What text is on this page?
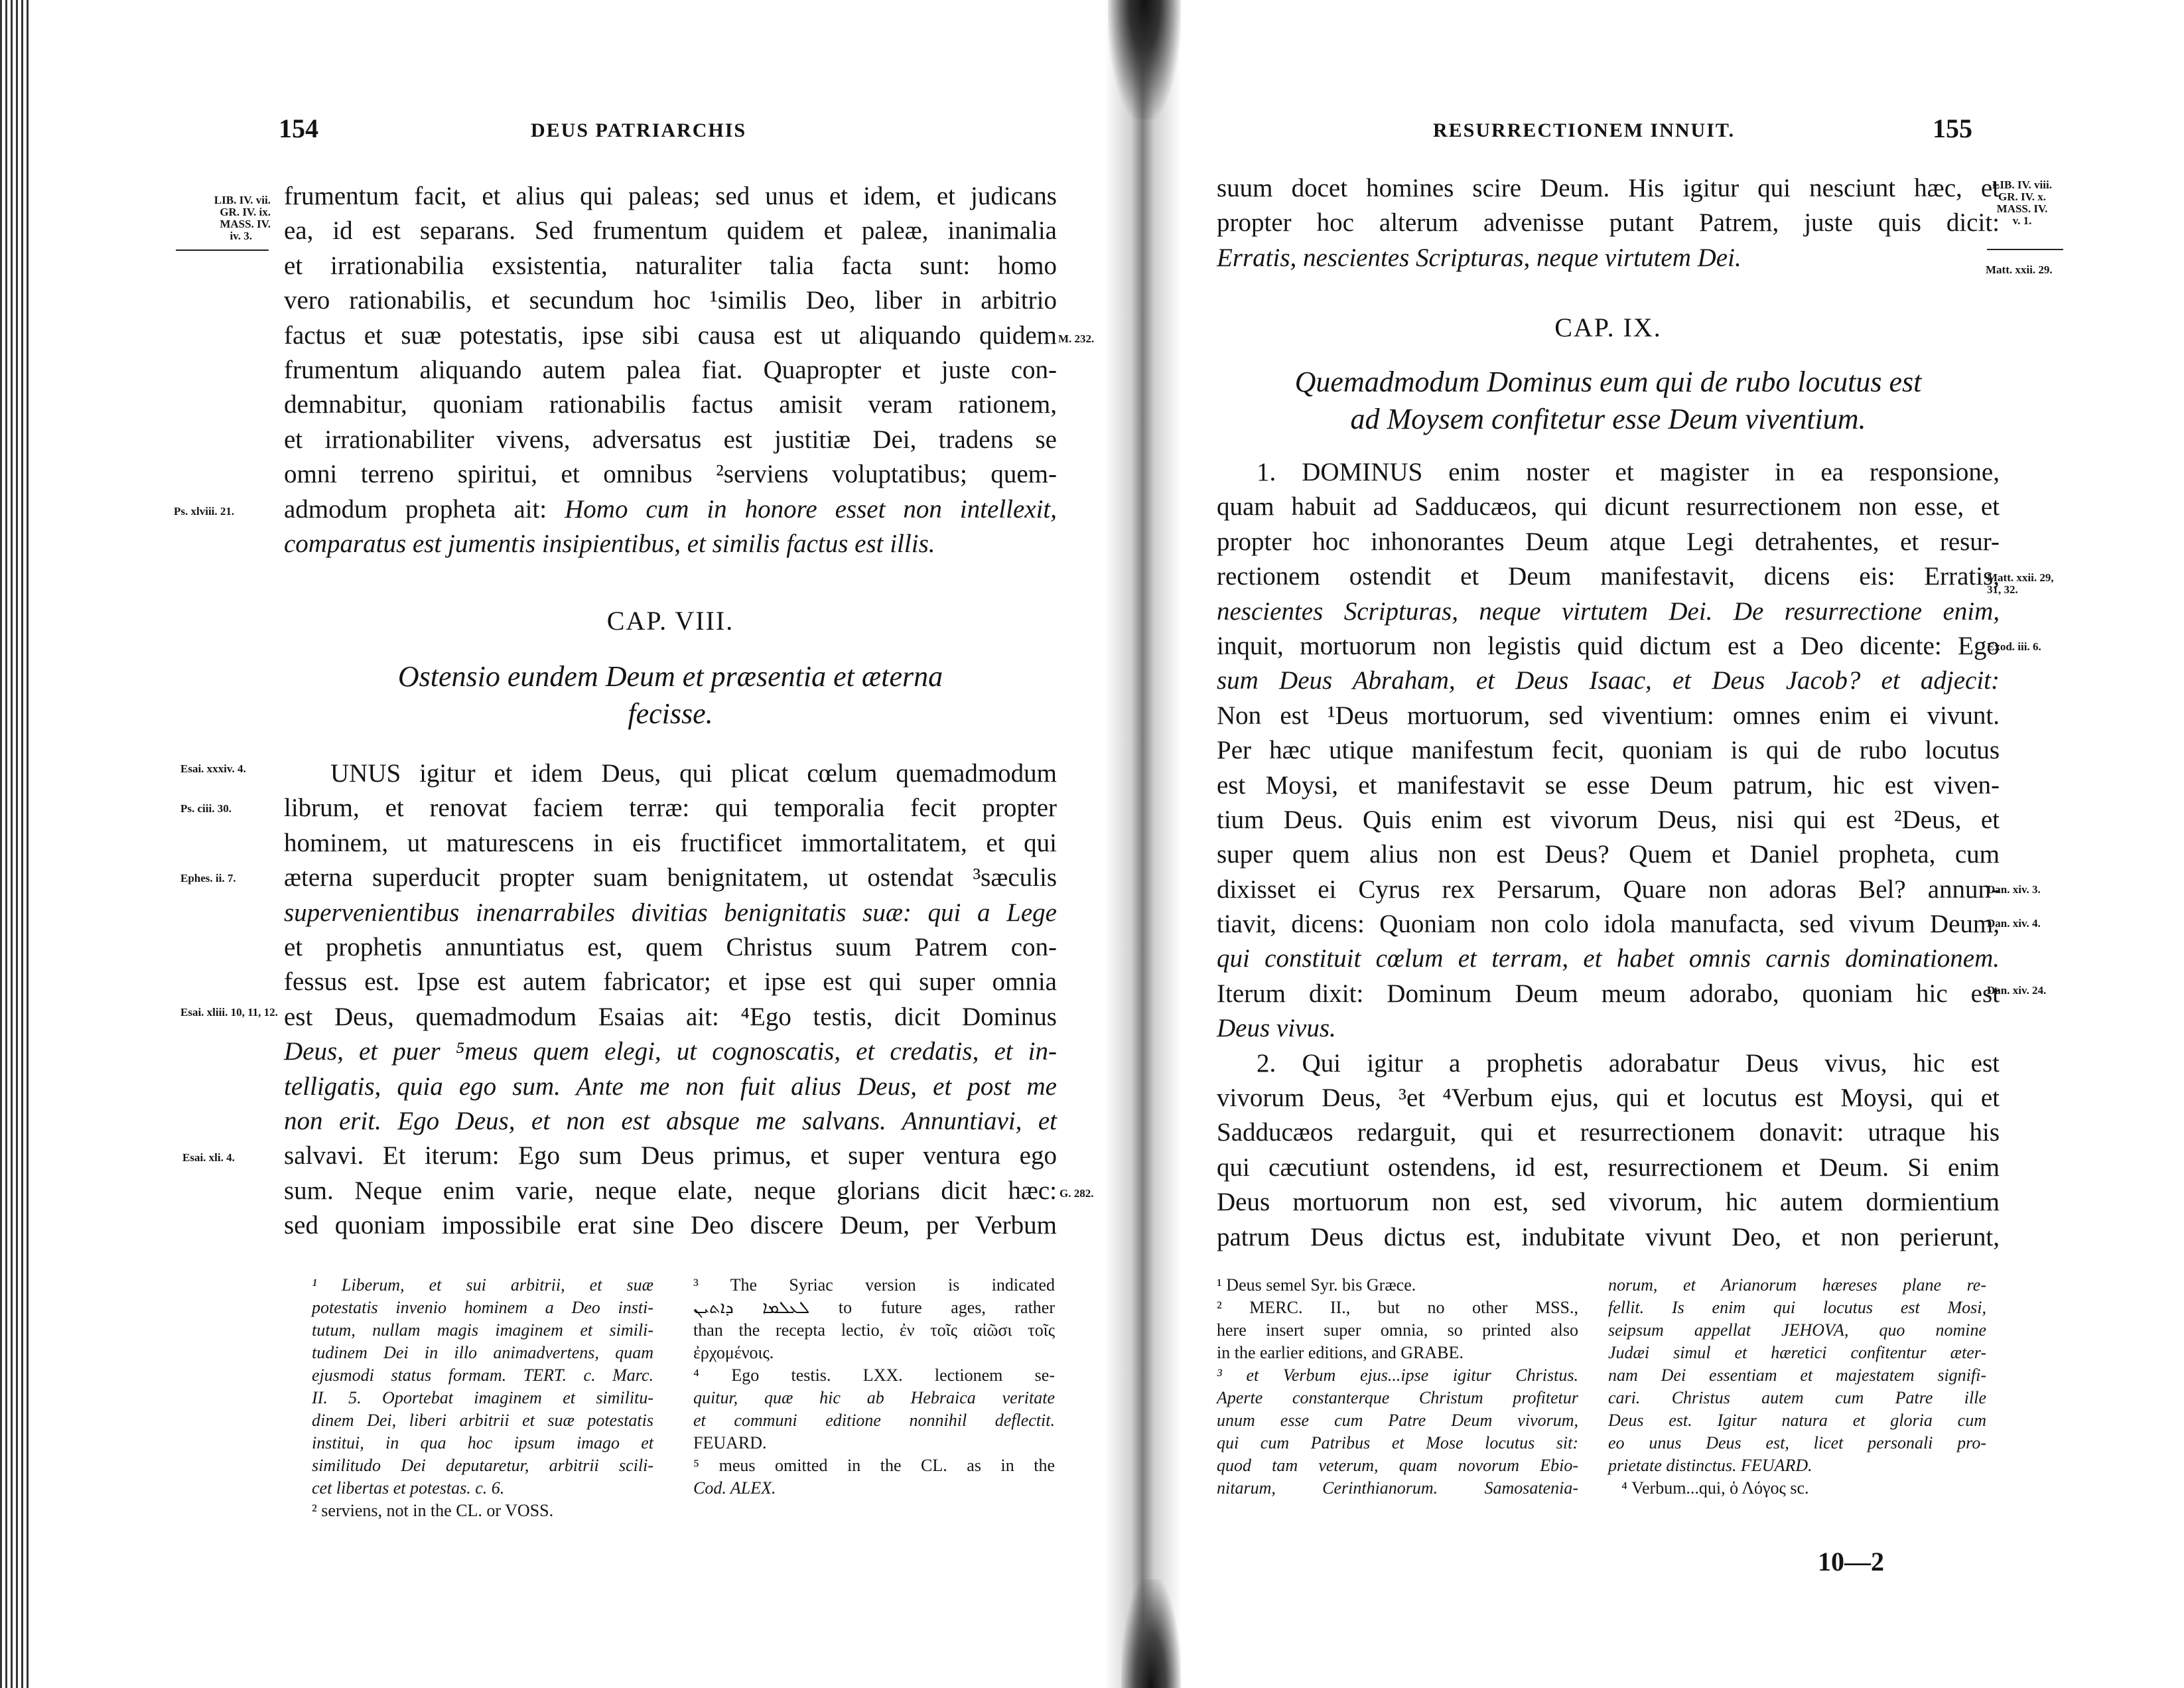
154	DEUS PATRIARCHIS
LIB. IV. vii.
GR. IV. ix.
MASS. IV.
iv. 3.
M. 232.
Ps. xlviii. 21.
Esai. xxxiv. 4.
Ps. ciii. 30.
Ephes. ii. 7.
Esai. xliii. 10, 11, 12.
Esai. xli. 4.
G. 282.
frumentum facit, et alius qui paleas; sed unus et idem, et judicans
ea, id est separans. Sed frumentum quidem et paleæ, inanimalia
et irrationabilia exsistentia, naturaliter talia facta sunt: homo
vero rationabilis, et secundum hoc ¹similis Deo, liber in arbitrio
factus et suæ potestatis, ipse sibi causa est ut aliquando quidem
frumentum aliquando autem palea fiat. Quapropter et juste con-
demnabitur, quoniam rationabilis factus amisit veram rationem,
et irrationabiliter vivens, adversatus est justitiæ Dei, tradens se
omni terreno spiritui, et omnibus ²serviens voluptatibus; quem-
admodum propheta ait: Homo cum in honore esset non intellexit,
comparatus est jumentis insipientibus, et similis factus est illis.
CAP. VIII.
Ostensio eundem Deum et præsentia et æterna
fecisse.
UNUS igitur et idem Deus, qui plicat cœlum quemadmodum
librum, et renovat faciem terræ: qui temporalia fecit propter
hominem, ut maturescens in eis fructificet immortalitatem, et qui
æterna superducit propter suam benignitatem, ut ostendat ³sæculis
supervenientibus inenarrabiles divitias benignitatis suæ: qui a Lege
et prophetis annuntiatus est, quem Christus suum Patrem con-
fessus est. Ipse est autem fabricator; et ipse est qui super omnia
est Deus, quemadmodum Esaias ait: ⁴Ego testis, dicit Dominus
Deus, et puer ⁵meus quem elegi, ut cognoscatis, et credatis, et in-
telligatis, quia ego sum. Ante me non fuit alius Deus, et post me
non erit. Ego Deus, et non est absque me salvans. Annuntiavi, et
salvavi. Et iterum: Ego sum Deus primus, et super ventura ego
sum. Neque enim varie, neque elate, neque glorians dicit hæc:
sed quoniam impossibile erat sine Deo discere Deum, per Verbum
¹ Liberum, et sui arbitrii, et suæ
potestatis invenio hominem a Deo insti-
tutum, nullam magis imaginem et simili-
tudinem Dei in illo animadvertens, quam
ejusmodi status formam. TERT. c. Marc.
II. 5. Oportebat imaginem et similitu-
dinem Dei, liberi arbitrii et suæ potestatis
institui, in qua hoc ipsum imago et
similitudo Dei deputaretur, arbitrii scili-
cet libertas et potestas. c. 6.
² serviens, not in the CL. or VOSS.
³ The Syriac version is indicated
ܠܥܠܡܐ ܕܐܬܝܢ to future ages, rather
than the recepta lectio, ἐν τοῖς αἰῶσι τοῖς
ἐρχομένοις.
⁴ Ego testis. LXX. lectionem se-
quitur, quæ hic ab Hebraica veritate
et communi editione nonnihil deflectit.
FEUARD.
⁵ meus omitted in the CL. as in the
Cod. ALEX.
RESURRECTIONEM INNUIT.	155
LIB. IV. viii.
GR. IV. x.
MASS. IV.
v. 1.
Matt. xxii. 29.
Matt. xxii. 29, 31, 32.
Exod. iii. 6.
Dan. xiv. 3.
Dan. xiv. 4.
Dan. xiv. 24.
suum docet homines scire Deum. His igitur qui nesciunt hæc, et
propter hoc alterum advenisse putant Patrem, juste quis dicit:
Erratis, nescientes Scripturas, neque virtutem Dei.
CAP. IX.
Quemadmodum Dominus eum qui de rubo locutus est
ad Moysem confitetur esse Deum viventium.
1. DOMINUS enim noster et magister in ea responsione,
quam habuit ad Sadducæos, qui dicunt resurrectionem non esse, et
propter hoc inhonorantes Deum atque Legi detrahentes, et resur-
rectionem ostendit et Deum manifestavit, dicens eis: Erratis,
nescientes Scripturas, neque virtutem Dei. De resurrectione enim,
inquit, mortuorum non legistis quid dictum est a Deo dicente: Ego
sum Deus Abraham, et Deus Isaac, et Deus Jacob? et adjecit:
Non est ¹Deus mortuorum, sed viventium: omnes enim ei vivunt.
Per hæc utique manifestum fecit, quoniam is qui de rubo locutus
est Moysi, et manifestavit se esse Deum patrum, hic est viven-
tium Deus. Quis enim est vivorum Deus, nisi qui est ²Deus, et
super quem alius non est Deus? Quem et Daniel propheta, cum
dixisset ei Cyrus rex Persarum, Quare non adoras Bel? annun-
tiavit, dicens: Quoniam non colo idola manufacta, sed vivum Deum,
qui constituit cœlum et terram, et habet omnis carnis dominationem.
Iterum dixit: Dominum Deum meum adorabo, quoniam hic est
Deus vivus.
2. Qui igitur a prophetis adorabatur Deus vivus, hic est
vivorum Deus, ³et ⁴Verbum ejus, qui et locutus est Moysi, qui et
Sadducæos redarguit, qui et resurrectionem donavit: utraque his
qui cæcutiunt ostendens, id est, resurrectionem et Deum. Si enim
Deus mortuorum non est, sed vivorum, hic autem dormientium
patrum Deus dictus est, indubitate vivunt Deo, et non perierunt,
¹ Deus semel Syr. bis Græce.
² MERC. II., but no other MSS.,
here insert super omnia, so printed also
in the earlier editions, and GRABE.
³ et Verbum ejus...ipse igitur Christus.
Aperte constanterque Christum profitetur
unum esse cum Patre Deum vivorum,
qui cum Patribus et Mose locutus sit:
quod tam veterum, quam novorum Ebio-
nitarum, Cerinthianorum. Samosatenia-
norum, et Arianorum hæreses plane re-
fellit. Is enim qui locutus est Mosi,
seipsum appellat JEHOVA, quo nomine
Judæi simul et hæretici confitentur æter-
nam Dei essentiam et majestatem signifi-
cari. Christus autem cum Patre ille
Deus est. Igitur natura et gloria cum
eo unus Deus est, licet personali pro-
prietate distinctus. FEUARD.
⁴ Verbum...qui, ὁ Λόγος sc.
10—2
